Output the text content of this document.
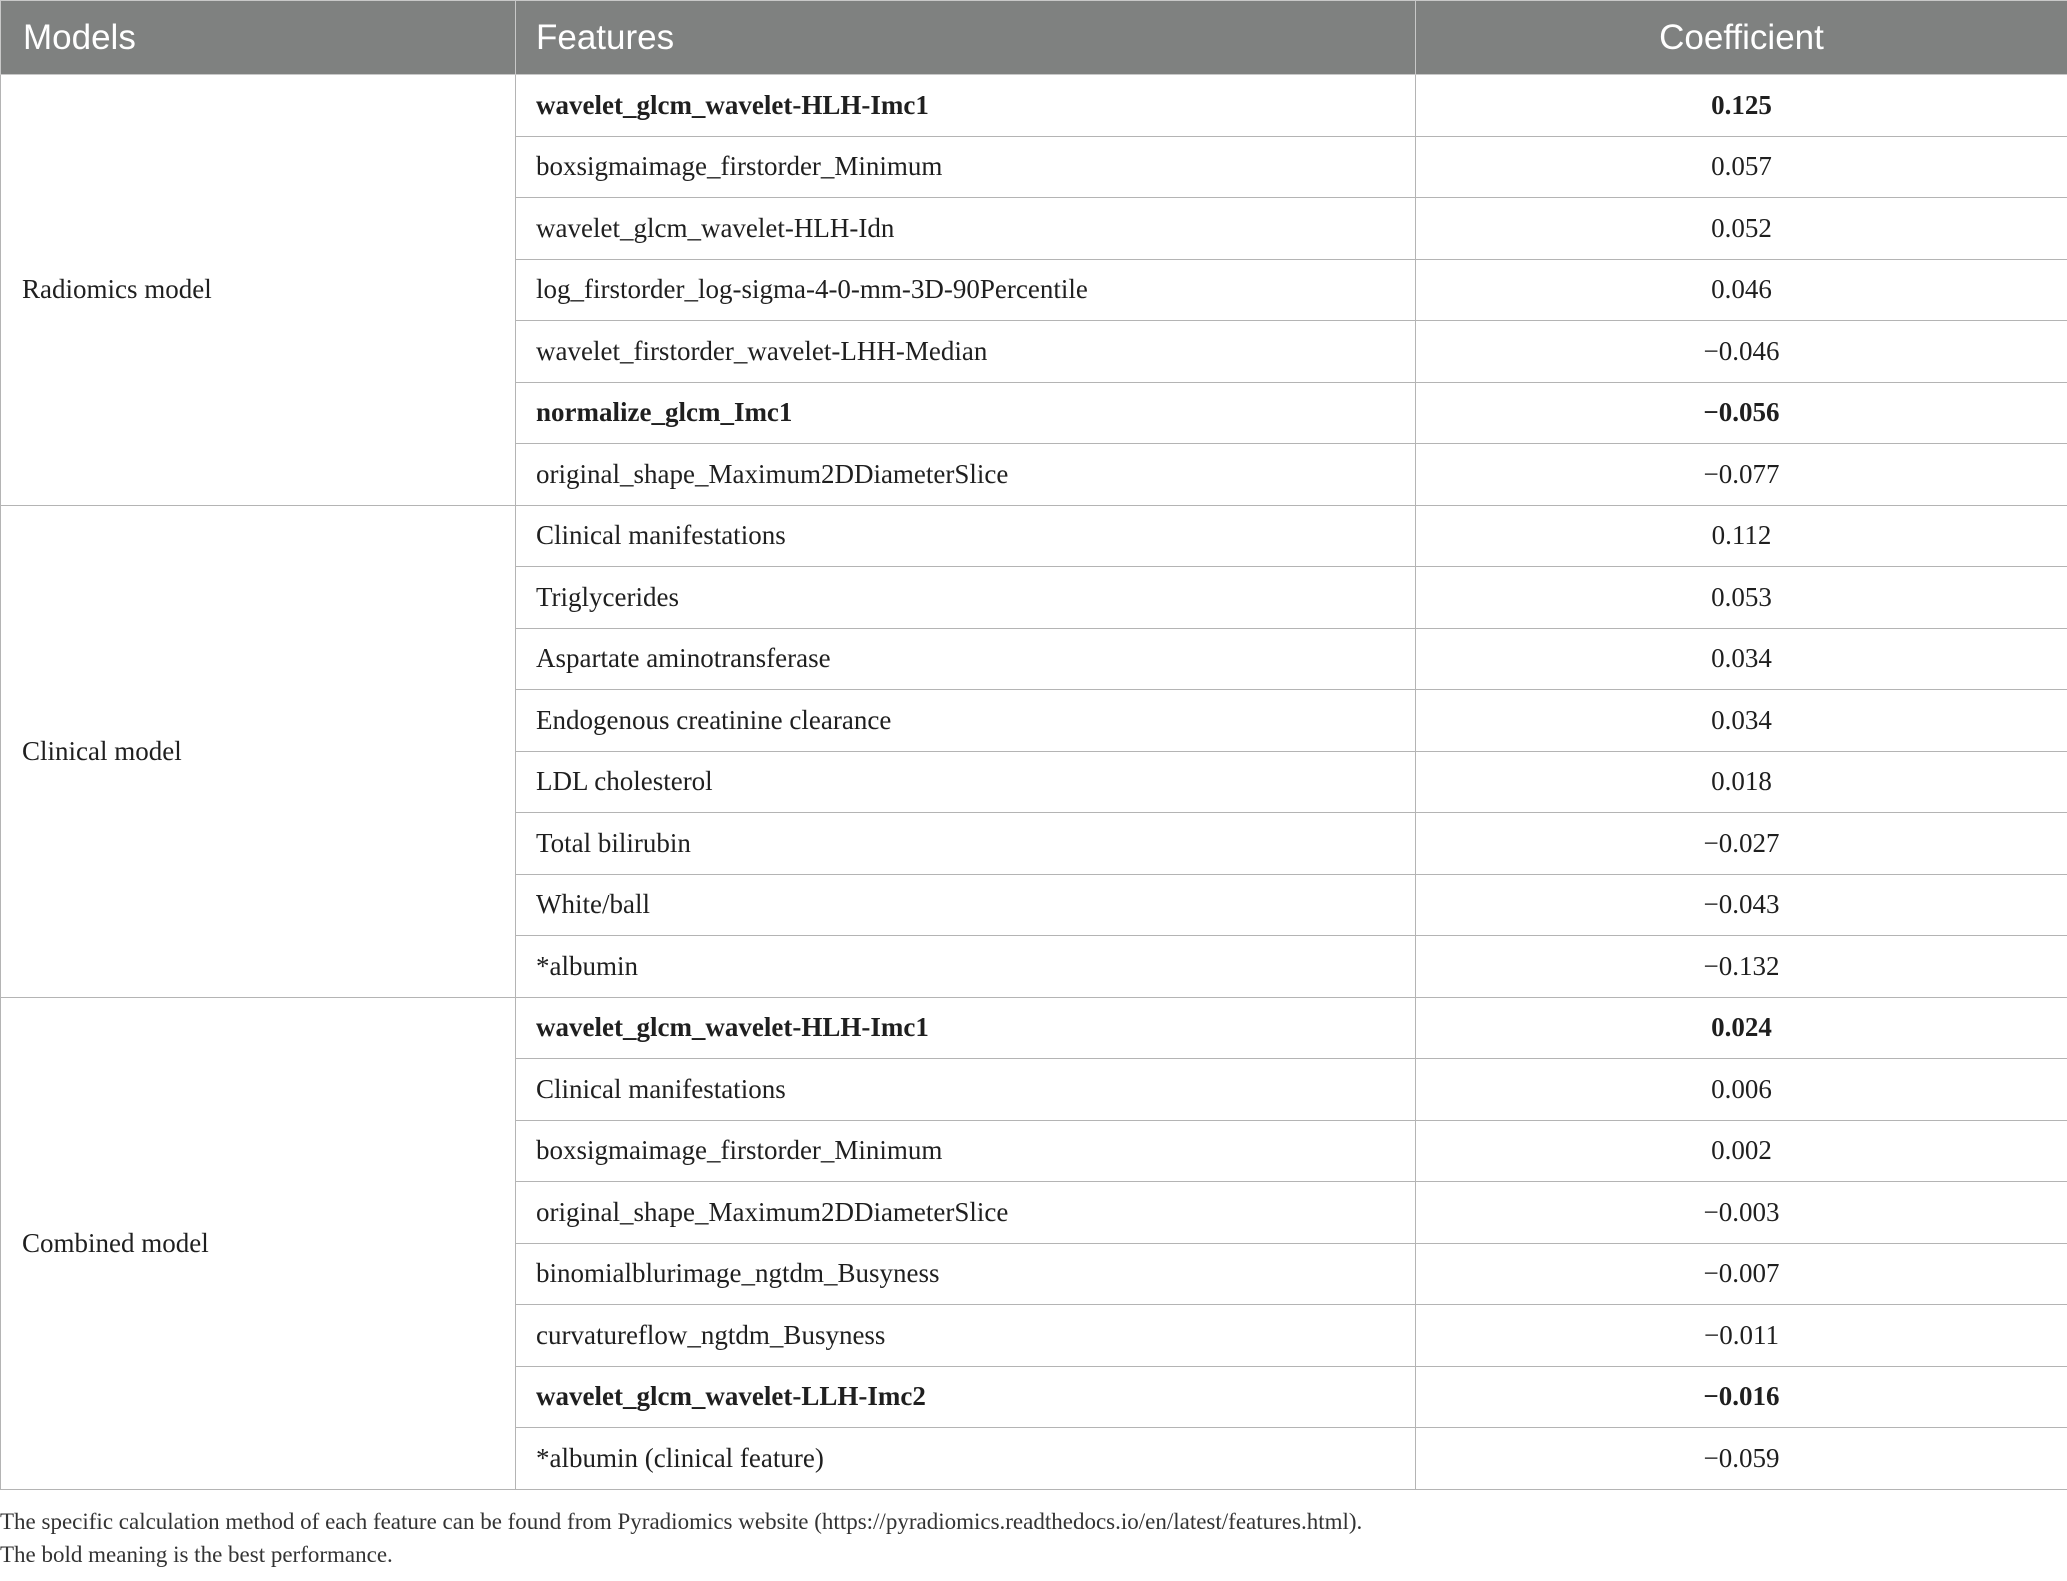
Models	Features	Coefficient
Radiomics model	wavelet_glcm_wavelet-HLH-Imc1	0.125
	boxsigmaimage_firstorder_Minimum	0.057
	wavelet_glcm_wavelet-HLH-Idn	0.052
	log_firstorder_log-sigma-4-0-mm-3D-90Percentile	0.046
	wavelet_firstorder_wavelet-LHH-Median	−0.046
	normalize_glcm_Imc1	−0.056
	original_shape_Maximum2DDiameterSlice	−0.077
Clinical model	Clinical manifestations	0.112
	Triglycerides	0.053
	Aspartate aminotransferase	0.034
	Endogenous creatinine clearance	0.034
	LDL cholesterol	0.018
	Total bilirubin	−0.027
	White/ball	−0.043
	*albumin	−0.132
Combined model	wavelet_glcm_wavelet-HLH-Imc1	0.024
	Clinical manifestations	0.006
	boxsigmaimage_firstorder_Minimum	0.002
	original_shape_Maximum2DDiameterSlice	−0.003
	binomialblurimage_ngtdm_Busyness	−0.007
	curvatureflow_ngtdm_Busyness	−0.011
	wavelet_glcm_wavelet-LLH-Imc2	−0.016
	*albumin (clinical feature)	−0.059
The specific calculation method of each feature can be found from Pyradiomics website (https://pyradiomics.readthedocs.io/en/latest/features.html).
The bold meaning is the best performance.
